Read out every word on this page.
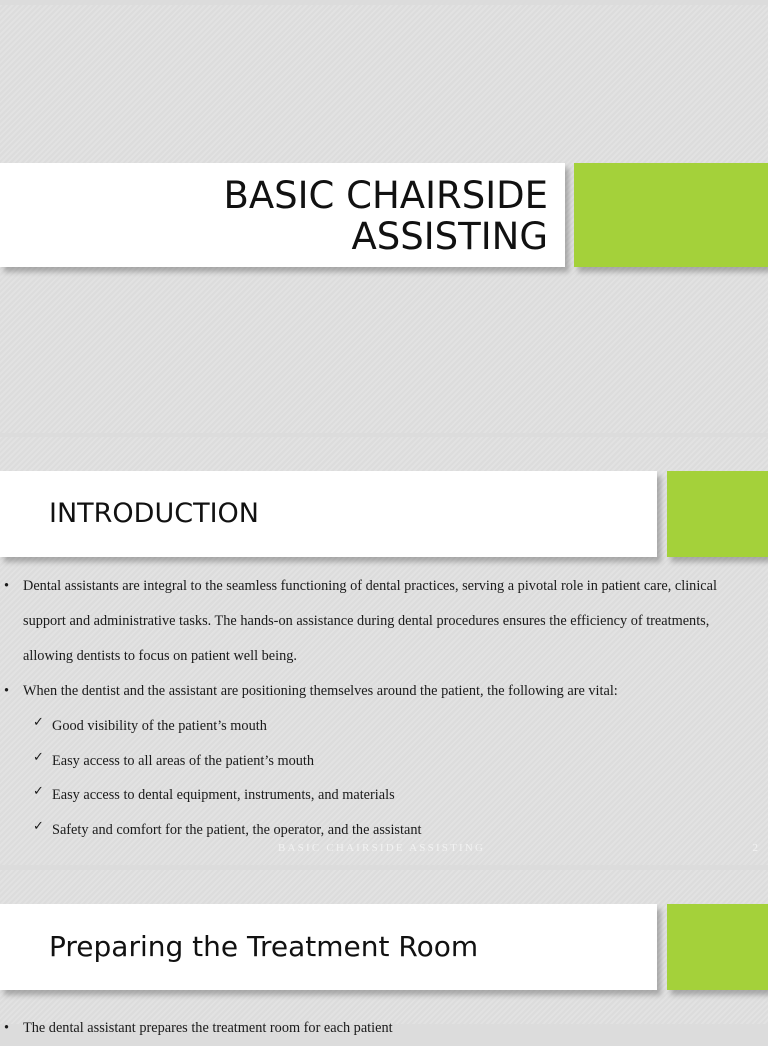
BASIC CHAIRSIDE
ASSISTING
INTRODUCTION
• Dental assistants are integral to the seamless functioning of dental practices, serving a pivotal role in patient care, clinical support and administrative tasks. The hands-on assistance during dental procedures ensures the efficiency of treatments, allowing dentists to focus on patient well being.
• When the dentist and the assistant are positioning themselves around the patient, the following are vital:
✓ Good visibility of the patient’s mouth
✓ Easy access to all areas of the patient’s mouth
✓ Easy access to dental equipment, instruments, and materials
✓ Safety and comfort for the patient, the operator, and the assistant
BASIC CHAIRSIDE ASSISTING	2
Preparing the Treatment Room
• The dental assistant prepares the treatment room for each patient
